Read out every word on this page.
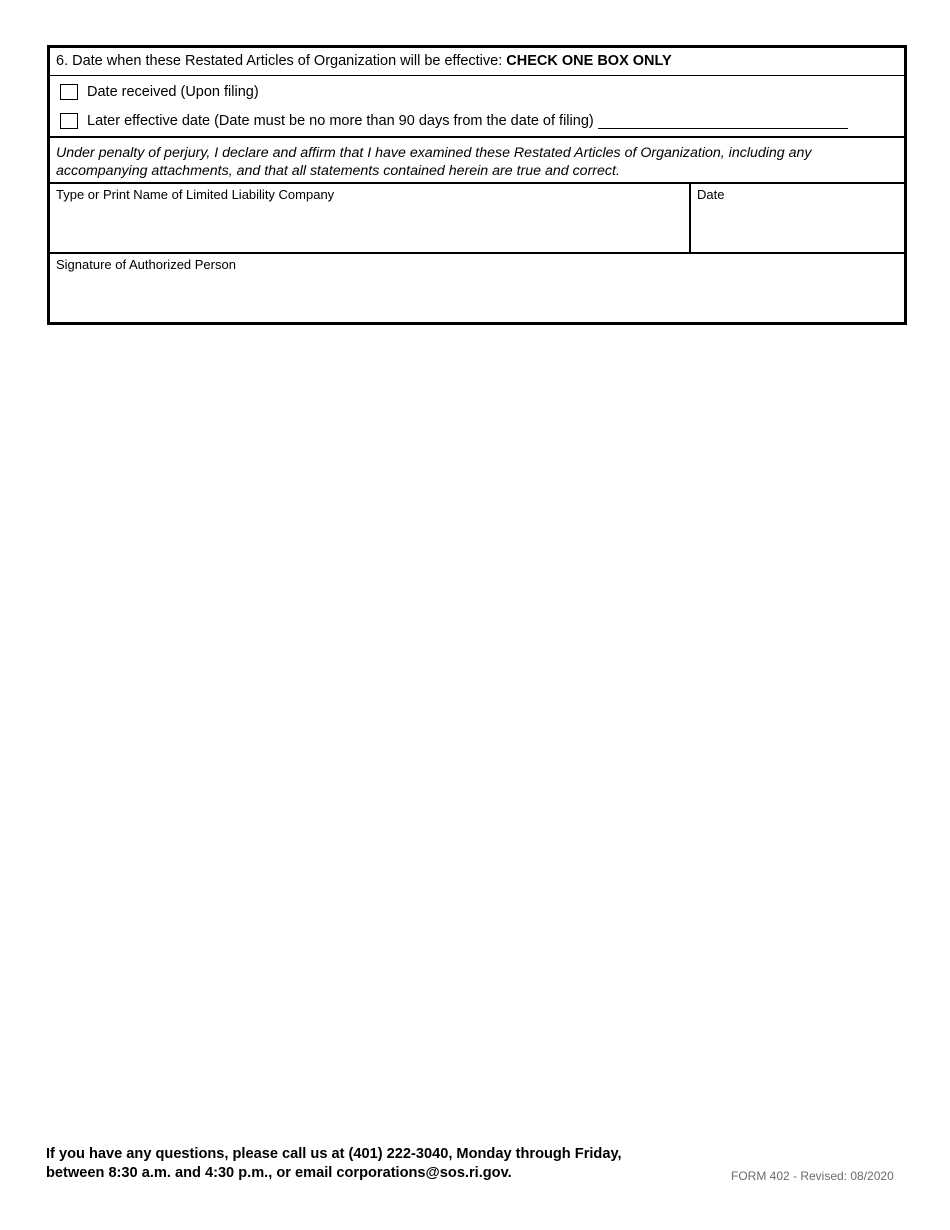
6. Date when these Restated Articles of Organization will be effective: CHECK ONE BOX ONLY
Date received (Upon filing)
Later effective date (Date must be no more than 90 days from the date of filing)
Under penalty of perjury, I declare and affirm that I have examined these Restated Articles of Organization, including any accompanying attachments, and that all statements contained herein are true and correct.
Type or Print Name of Limited Liability Company	Date
Signature of Authorized Person
If you have any questions, please call us at (401) 222-3040, Monday through Friday,
between 8:30 a.m. and 4:30 p.m., or email corporations@sos.ri.gov.	FORM 402 - Revised: 08/2020
